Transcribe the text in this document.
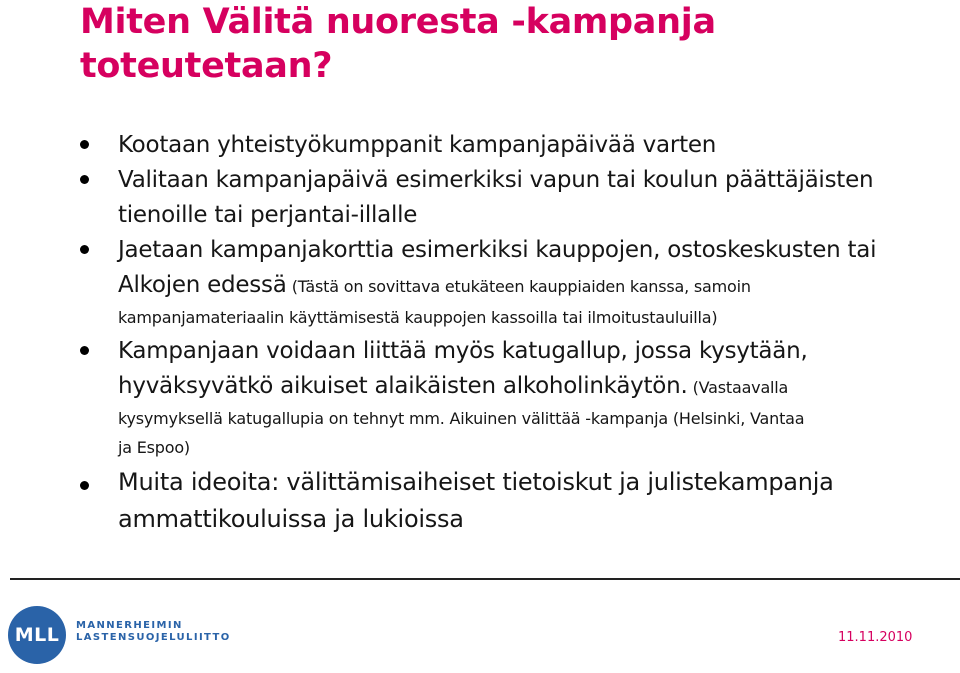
Miten Välitä nuoresta -kampanja
toteutetaan?
Kootaan yhteistyökumppanit kampanjapäivää varten
Valitaan kampanjapäivä esimerkiksi vapun tai koulun päättäjäisten
tienoille tai perjantai-illalle
Jaetaan kampanjakorttia esimerkiksi kauppojen, ostoskeskusten tai
Alkojen edessä (Tästä on sovittava etukäteen kauppiaiden kanssa, samoin
kampanjamateriaalin käyttämisestä kauppojen kassoilla tai ilmoitustauluilla)
Kampanjaan voidaan liittää myös katugallup, jossa kysytään,
hyväksyvätkö aikuiset alaikäisten alkoholinkäytön. (Vastaavalla
kysymyksellä katugallupia on tehnyt mm. Aikuinen välittää -kampanja (Helsinki, Vantaa
ja Espoo)
Muita ideoita: välittämisaiheiset tietoiskut ja julistekampanja
ammattikouluissa ja lukioissa
MLL	MANNERHEIMIN
LASTENSUOJELULIITTO	11.11.2010
